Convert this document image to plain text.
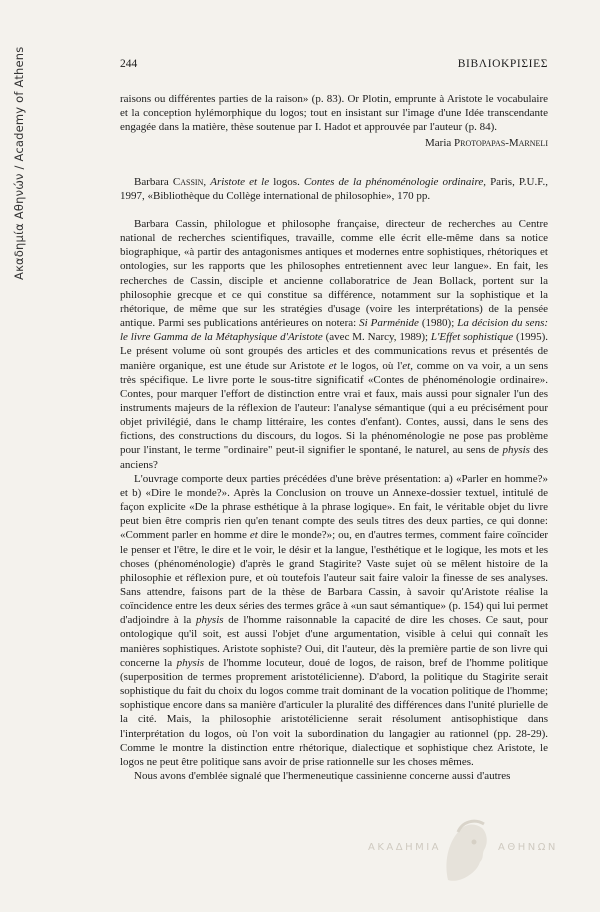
Ακαδημία Αθηνών / Academy of Athens	244	ΒΙΒΛΙΟΚΡΙΣΙΕΣ

raisons ou différentes parties de la raison» (p. 83). Or Plotin, emprunte à Aristote le vocabulaire et la conception hylémorphique du logos; tout en insistant sur l'image d'une Idée transcendante engagée dans la matière, thèse soutenue par I. Hadot et approuvée par l'auteur (p. 84).

Maria Protopapas-Marneli

Barbara Cassin, Aristote et le logos. Contes de la phénoménologie ordinaire, Paris, P.U.F., 1997, «Bibliothèque du Collège international de philosophie», 170 pp.

Barbara Cassin, philologue et philosophe française, directeur de recherches au Centre national de recherches scientifiques, travaille, comme elle écrit elle-même dans sa notice biographique, «à partir des antagonismes antiques et modernes entre sophistiques, rhétoriques et ontologies, sur les rapports que les philosophes entretiennent avec leur langue». En fait, les recherches de Cassin, disciple et ancienne collaboratrice de Jean Bollack, portent sur la philosophie grecque et ce qui constitue sa différence, notamment sur la sophistique et la rhétorique, de même que sur les stratégies d'usage (voire les interprétations) de la pensée antique. Parmi ses publications antérieures on notera: Si Parménide (1980); La décision du sens: le livre Gamma de la Métaphysique d'Aristote (avec M. Narcy, 1989); L'Effet sophistique (1995). Le présent volume où sont groupés des articles et des communications revus et présentés de manière organique, est une étude sur Aristote et le logos, où l'et, comme on va voir, a un sens très spécifique. Le livre porte le sous-titre significatif «Contes de phénoménologie ordinaire». Contes, pour marquer l'effort de distinction entre vrai et faux, mais aussi pour signaler l'un des instruments majeurs de la réflexion de l'auteur: l'analyse sémantique (qui a eu précisément pour objet privilégié, dans le champ littéraire, les contes d'enfant). Contes, aussi, dans le sens des fictions, des constructions du discours, du logos. Si la phénoménologie ne pose pas problème pour l'instant, le terme "ordinaire" peut-il signifier le spontané, le naturel, au sens de physis des anciens?

L'ouvrage comporte deux parties précédées d'une brève présentation: a) «Parler en homme?» et b) «Dire le monde?». Après la Conclusion on trouve un Annexe-dossier textuel, intitulé de façon explicite «De la phrase esthétique à la phrase logique». En fait, le véritable objet du livre peut bien être compris rien qu'en tenant compte des seuls titres des deux parties, ce qui donne: «Comment parler en homme et dire le monde?»; ou, en d'autres termes, comment faire coïncider le penser et l'être, le dire et le voir, le désir et la langue, l'esthétique et le logique, les mots et les choses (phénoménologie) d'après le grand Stagirite? Vaste sujet où se mêlent histoire de la philosophie et réflexion pure, et où toutefois l'auteur sait faire valoir la finesse de ses analyses. Sans attendre, faisons part de la thèse de Barbara Cassin, à savoir qu'Aristote réalise la coïncidence entre les deux séries des termes grâce à «un saut sémantique» (p. 154) qui lui permet d'adjoindre à la physis de l'homme raisonnable la capacité de dire les choses. Ce saut, pour ontologique qu'il soit, est aussi l'objet d'une argumentation, visible à celui qui connaît les manières sophistiques. Aristote sophiste? Oui, dit l'auteur, dès la première partie de son livre qui concerne la physis de l'homme locuteur, doué de logos, de raison, bref de l'homme politique (superposition de termes proprement aristotélicienne). D'abord, la politique du Stagirite serait sophistique du fait du choix du logos comme trait dominant de la vocation politique de l'homme; sophistique encore dans sa manière d'articuler la pluralité des différences dans l'unité plurielle de la cité. Mais, la philosophie aristotélicienne serait résolument antisophistique dans l'interprétation du logos, où l'on voit la subordination du langagier au rationnel (pp. 28-29). Comme le montre la distinction entre rhétorique, dialectique et sophistique chez Aristote, le logos ne peut être politique sans avoir de prise rationnelle sur les choses mêmes.

Nous avons d'emblée signalé que l'hermeneutique cassinienne concerne aussi d'autres

ΑΚΑΔΗΜΙΑ	ΑΘΗΝΩΝ
